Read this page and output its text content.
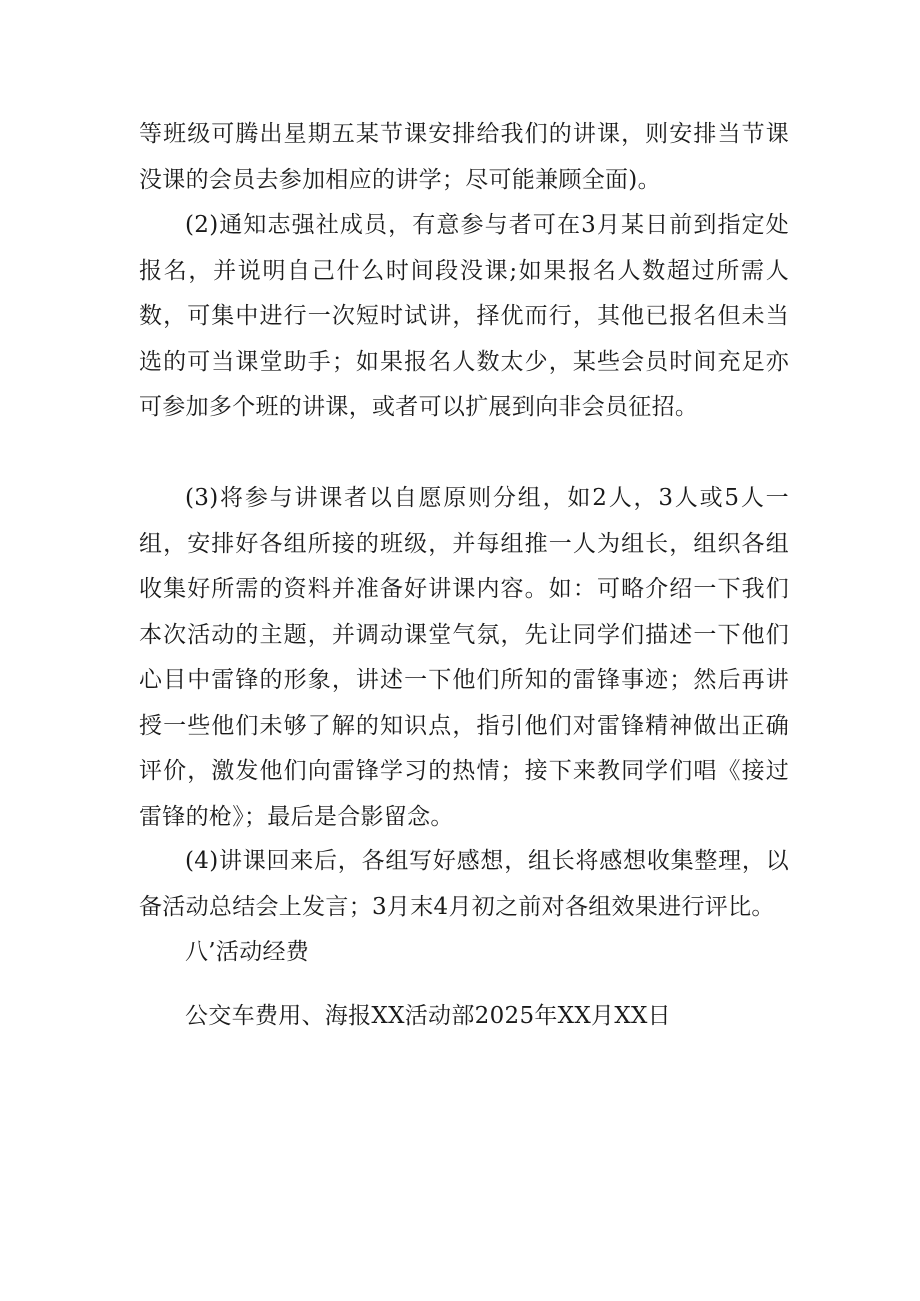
等班级可腾出星期五某节课安排给我们的讲课，则安排当节课没课的会员去参加相应的讲学；尽可能兼顾全面)。

(2)通知志强社成员，有意参与者可在3月某日前到指定处报名，并说明自己什么时间段没课;如果报名人数超过所需人数，可集中进行一次短时试讲，择优而行，其他已报名但未当选的可当课堂助手；如果报名人数太少，某些会员时间充足亦可参加多个班的讲课，或者可以扩展到向非会员征招。

(3)将参与讲课者以自愿原则分组，如2人，3人或5人一组，安排好各组所接的班级，并每组推一人为组长，组织各组收集好所需的资料并准备好讲课内容。如：可略介绍一下我们本次活动的主题，并调动课堂气氛，先让同学们描述一下他们心目中雷锋的形象，讲述一下他们所知的雷锋事迹；然后再讲授一些他们未够了解的知识点，指引他们对雷锋精神做出正确评价，激发他们向雷锋学习的热情；接下来教同学们唱《接过雷锋的枪》；最后是合影留念。

(4)讲课回来后，各组写好感想，组长将感想收集整理，以备活动总结会上发言；3月末4月初之前对各组效果进行评比。

八’活动经费

公交车费用、海报XX活动部2025年XX月XX日
